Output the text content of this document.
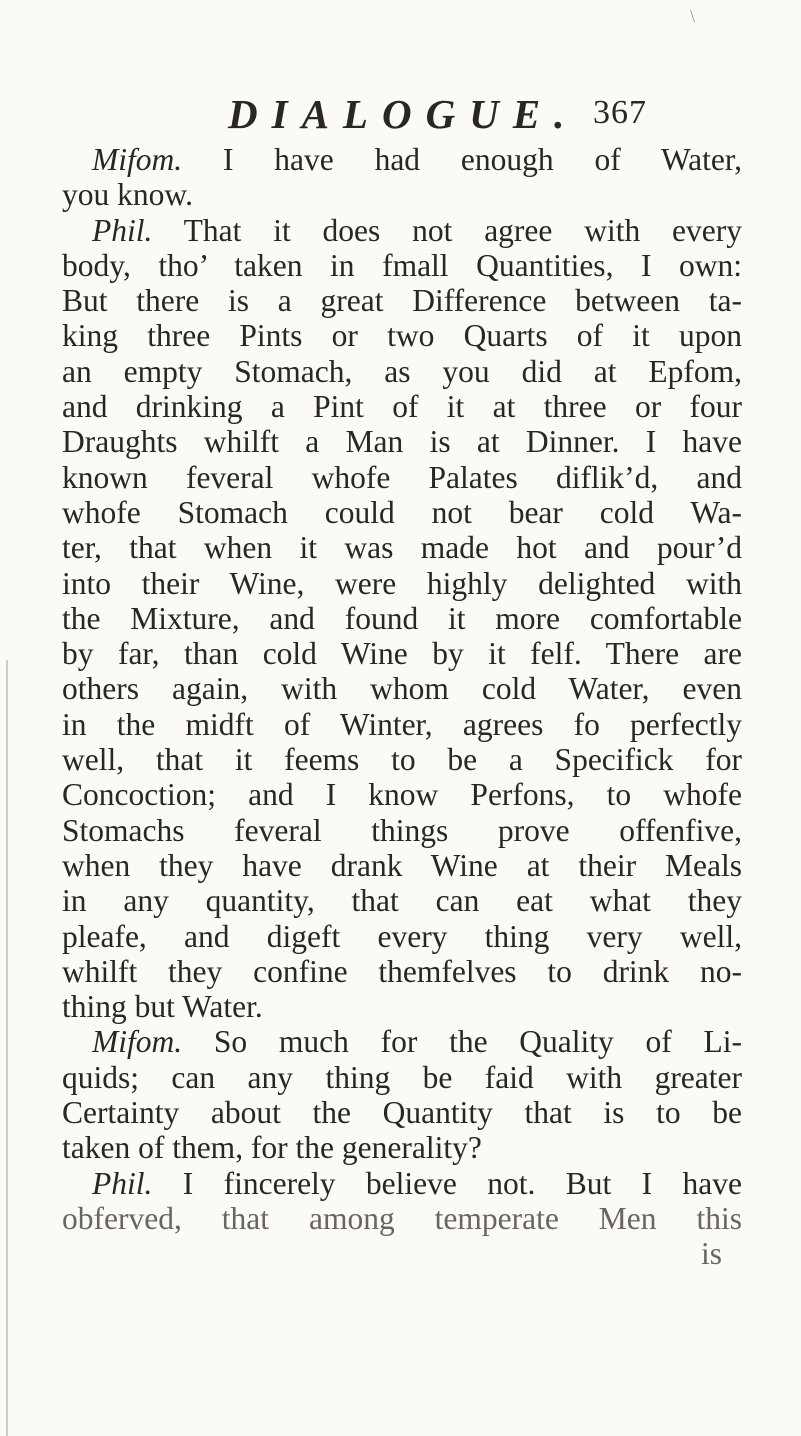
DIALOGUE. 367
Mifom. I have had enough of Water,
you know.
Phil. That it does not agree with every
body, tho’ taken in fmall Quantities, I own:
But there is a great Difference between ta-
king three Pints or two Quarts of it upon
an empty Stomach, as you did at Epfom,
and drinking a Pint of it at three or four
Draughts whilft a Man is at Dinner. I have
known feveral whofe Palates diflik’d, and
whofe Stomach could not bear cold Wa-
ter, that when it was made hot and pour’d
into their Wine, were highly delighted with
the Mixture, and found it more comfortable
by far, than cold Wine by it felf. There are
others again, with whom cold Water, even
in the midft of Winter, agrees fo perfectly
well, that it feems to be a Specifick for
Concoction; and I know Perfons, to whofe
Stomachs feveral things prove offenfive,
when they have drank Wine at their Meals
in any quantity, that can eat what they
pleafe, and digeft every thing very well,
whilft they confine themfelves to drink no-
thing but Water.
Mifom. So much for the Quality of Li-
quids; can any thing be faid with greater
Certainty about the Quantity that is to be
taken of them, for the generality?
Phil. I fincerely believe not. But I have
obferved, that among temperate Men this
is
\
